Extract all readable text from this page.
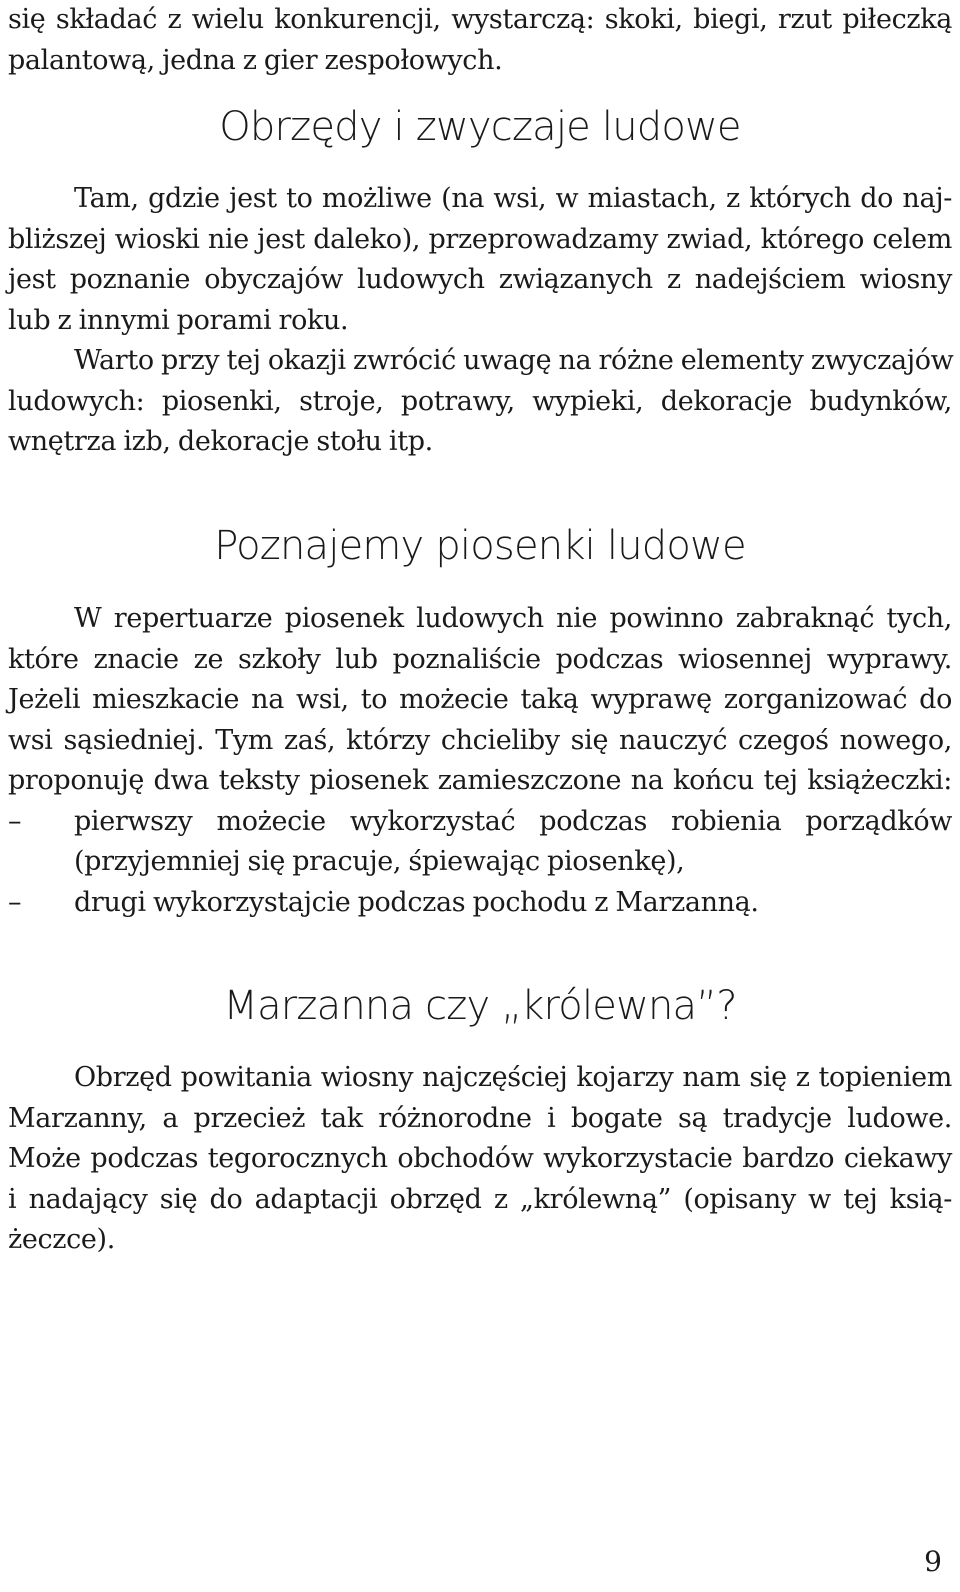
się składać z wielu konkurencji, wystarczą: skoki, biegi, rzut piłeczką
palantową, jedna z gier zespołowych.
Obrzędy i zwyczaje ludowe
Tam, gdzie jest to możliwe (na wsi, w miastach, z których do naj-
bliższej wioski nie jest daleko), przeprowadzamy zwiad, którego celem
jest poznanie obyczajów ludowych związanych z nadejściem wiosny
lub z innymi porami roku.
Warto przy tej okazji zwrócić uwagę na różne elementy zwyczajów
ludowych: piosenki, stroje, potrawy, wypieki, dekoracje budynków,
wnętrza izb, dekoracje stołu itp.
Poznajemy piosenki ludowe
W repertuarze piosenek ludowych nie powinno zabraknąć tych,
które znacie ze szkoły lub poznaliście podczas wiosennej wyprawy.
Jeżeli mieszkacie na wsi, to możecie taką wyprawę zorganizować do
wsi sąsiedniej. Tym zaś, którzy chcieliby się nauczyć czegoś nowego,
proponuję dwa teksty piosenek zamieszczone na końcu tej książeczki:
–	pierwszy możecie wykorzystać podczas robienia porządków
(przyjemniej się pracuje, śpiewając piosenkę),
–	drugi wykorzystajcie podczas pochodu z Marzanną.
Marzanna czy „królewna”?
Obrzęd powitania wiosny najczęściej kojarzy nam się z topieniem
Marzanny, a przecież tak różnorodne i bogate są tradycje ludowe.
Może podczas tegorocznych obchodów wykorzystacie bardzo ciekawy
i nadający się do adaptacji obrzęd z „królewną” (opisany w tej ksią-
żeczce).
9
